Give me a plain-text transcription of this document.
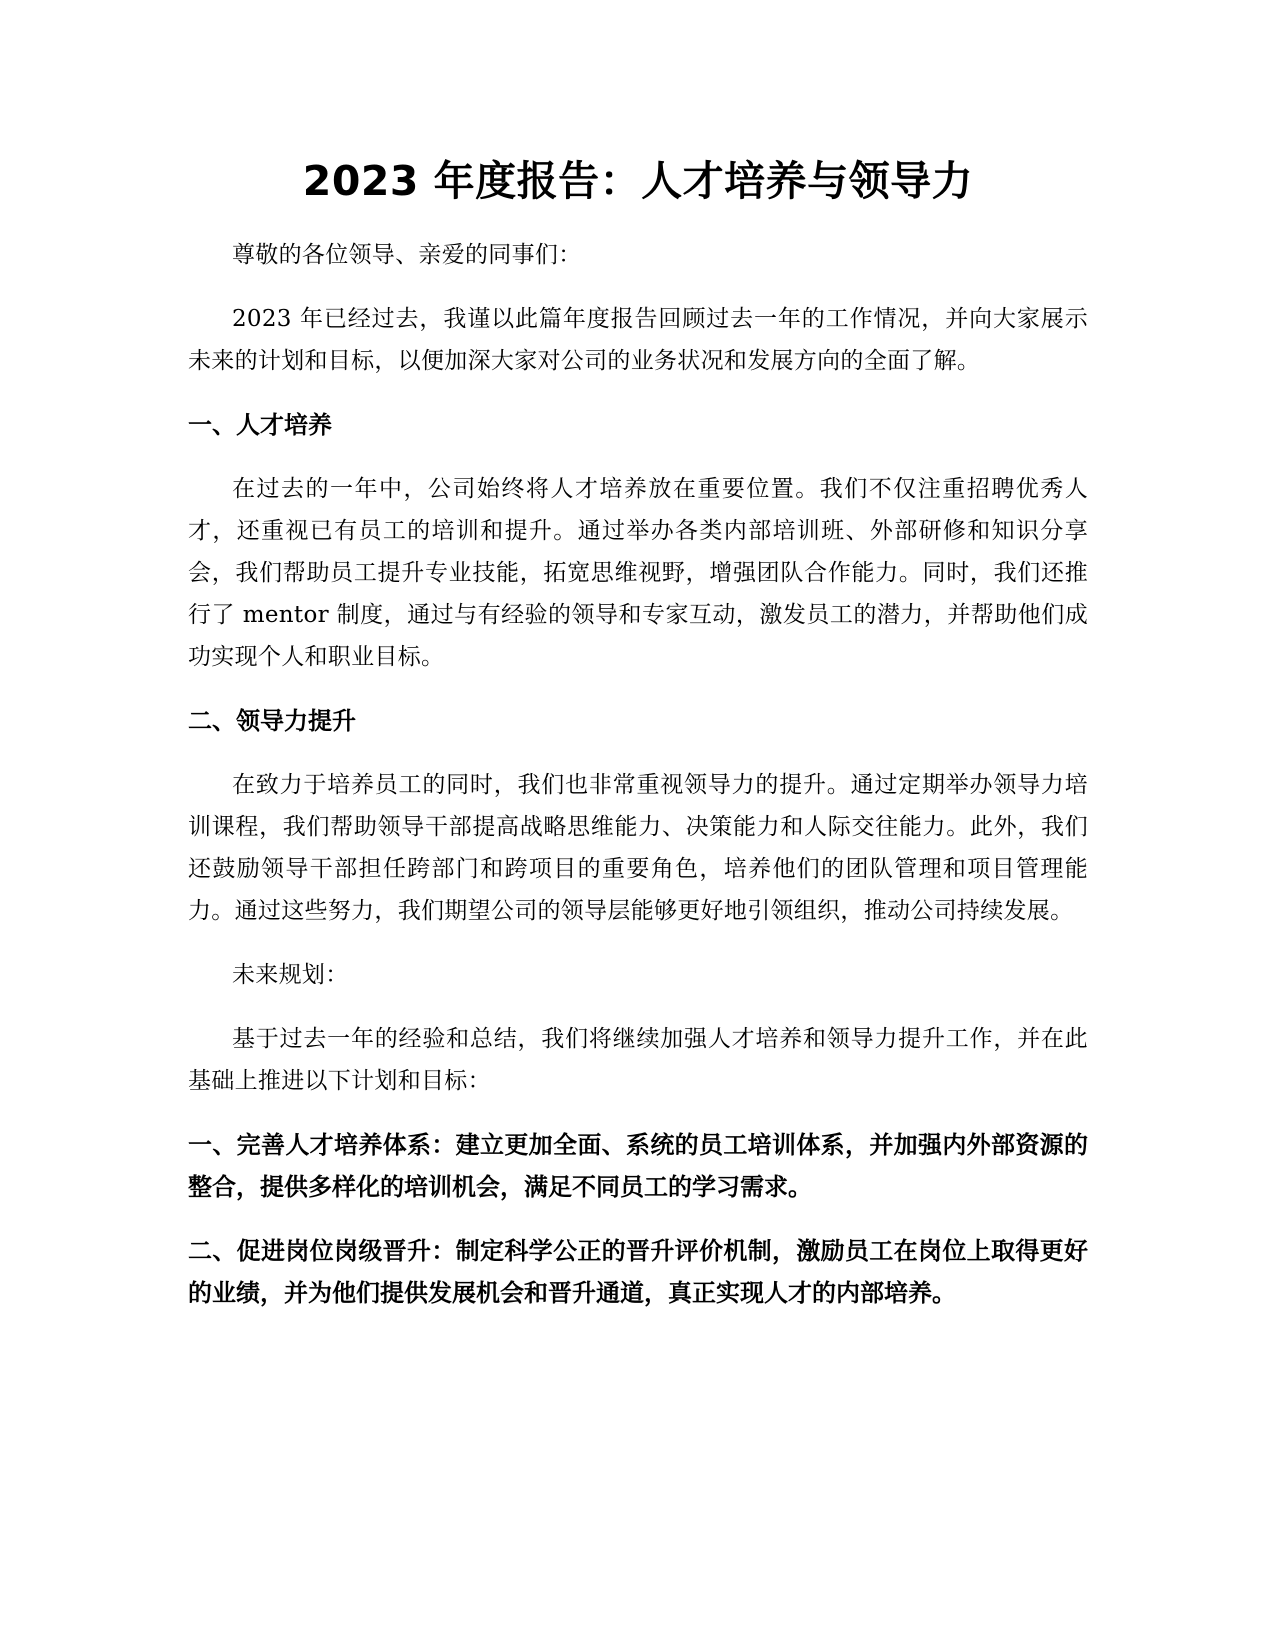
2023 年度报告：人才培养与领导力

尊敬的各位领导、亲爱的同事们：

2023 年已经过去，我谨以此篇年度报告回顾过去一年的工作情况，并向大家展示未来的计划和目标，以便加深大家对公司的业务状况和发展方向的全面了解。

一、人才培养

在过去的一年中，公司始终将人才培养放在重要位置。我们不仅注重招聘优秀人才，还重视已有员工的培训和提升。通过举办各类内部培训班、外部研修和知识分享会，我们帮助员工提升专业技能，拓宽思维视野，增强团队合作能力。同时，我们还推行了 mentor 制度，通过与有经验的领导和专家互动，激发员工的潜力，并帮助他们成功实现个人和职业目标。

二、领导力提升

在致力于培养员工的同时，我们也非常重视领导力的提升。通过定期举办领导力培训课程，我们帮助领导干部提高战略思维能力、决策能力和人际交往能力。此外，我们还鼓励领导干部担任跨部门和跨项目的重要角色，培养他们的团队管理和项目管理能力。通过这些努力，我们期望公司的领导层能够更好地引领组织，推动公司持续发展。

未来规划：

基于过去一年的经验和总结，我们将继续加强人才培养和领导力提升工作，并在此基础上推进以下计划和目标：

一、完善人才培养体系：建立更加全面、系统的员工培训体系，并加强内外部资源的整合，提供多样化的培训机会，满足不同员工的学习需求。

二、促进岗位岗级晋升：制定科学公正的晋升评价机制，激励员工在岗位上取得更好的业绩，并为他们提供发展机会和晋升通道，真正实现人才的内部培养。
